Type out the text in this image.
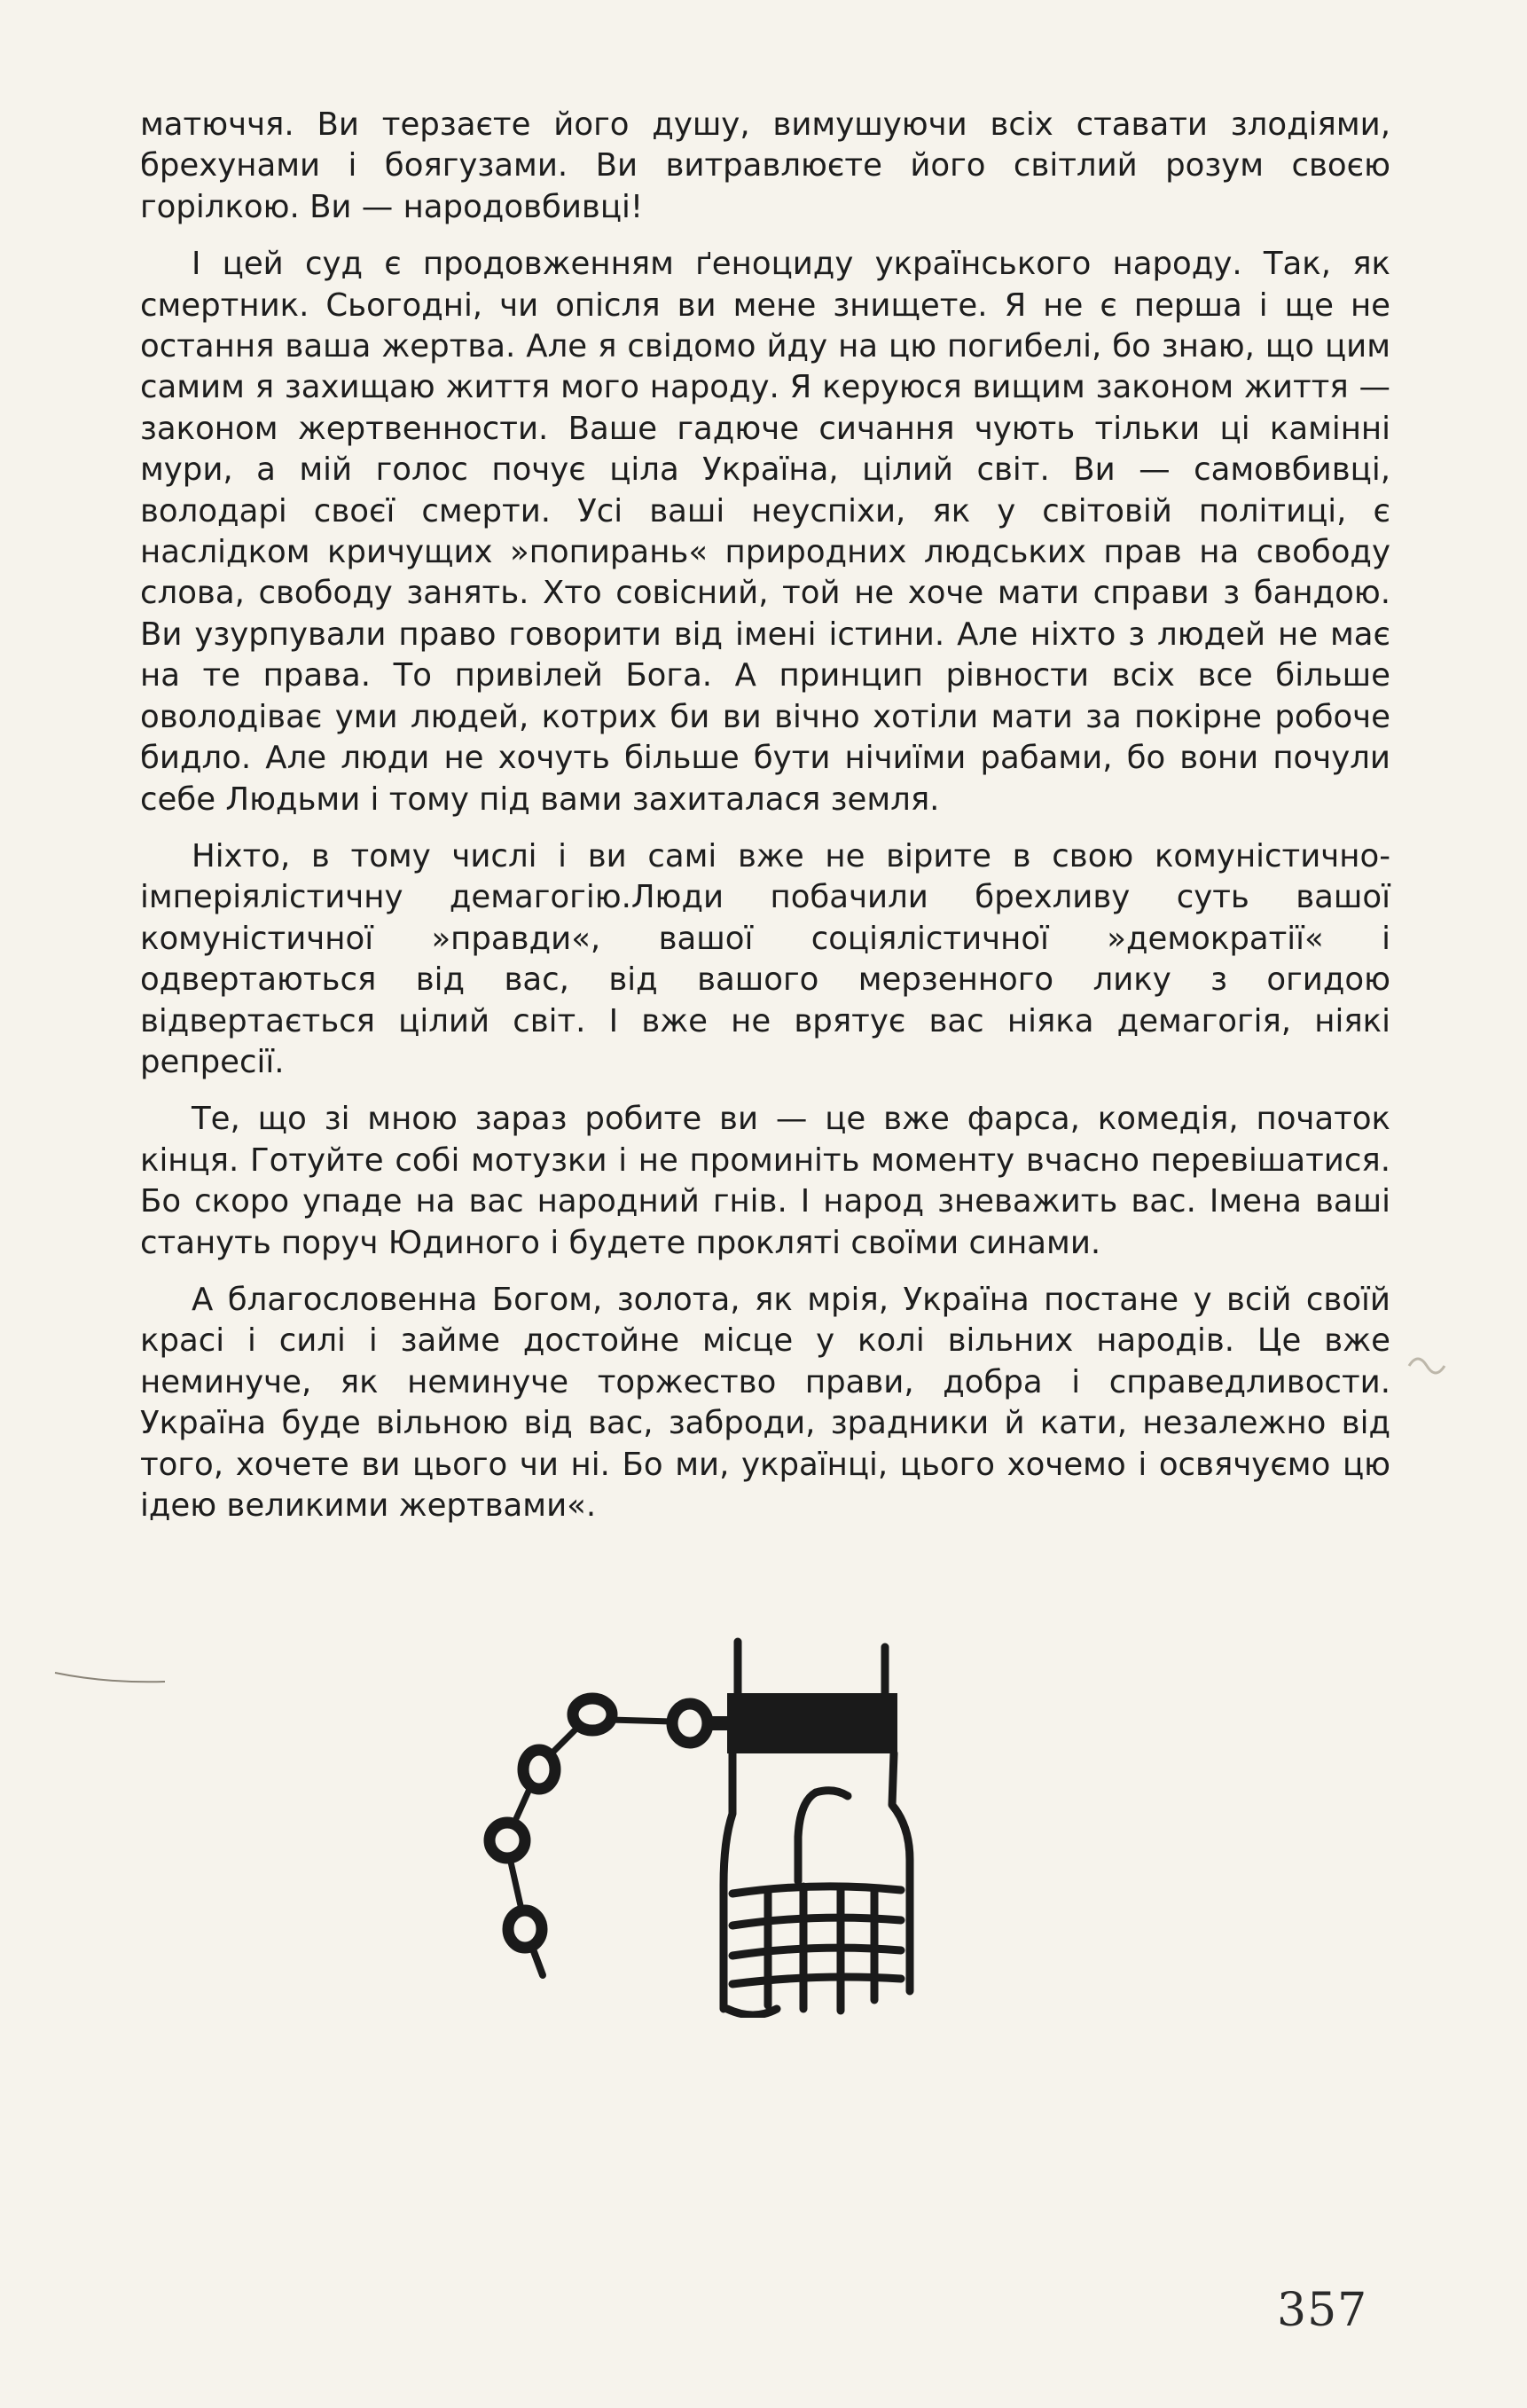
матюччя. Ви терзаєте його душу, вимушуючи всіх ставати злодіями, брехунами і боягузами. Ви витравлюєте його світлий розум своєю горілкою. Ви — народовбивці!

І цей суд є продовженням ґеноциду українського народу. Так, як смертник. Сьогодні, чи опісля ви мене знищете. Я не є перша і ще не остання ваша жертва. Але я свідомо йду на цю погибелі, бо знаю, що цим самим я захищаю життя мого народу. Я керуюся вищим законом життя — законом жертвенности. Ваше гадюче сичання чують тільки ці камінні мури, а мій голос почує ціла Україна, цілий світ. Ви — самовбивці, володарі своєї смерти. Усі ваші неуспіхи, як у світовій політиці, є наслідком кричущих »попирань« природних людських прав на свободу слова, свободу занять. Хто совісний, той не хоче мати справи з бандою. Ви узурпували право говорити від імені істини. Але ніхто з людей не має на те права. То привілей Бога. А принцип рівности всіх все більше оволодіває уми людей, котрих би ви вічно хотіли мати за покірне робоче бидло. Але люди не хочуть більше бути нічиїми рабами, бо вони почули себе Людьми і тому під вами захиталася земля.

Ніхто, в тому числі і ви самі вже не вірите в свою комуністично-імперіялістичну демагогію.Люди побачили брехливу суть вашої комуністичної »правди«, вашої соціялістичної »демократії« і одвертаються від вас, від вашого мерзенного лику з огидою відвертається цілий світ. І вже не врятує вас ніяка демагогія, ніякі репресії.

Те, що зі мною зараз робите ви — це вже фарса, комедія, початок кінця. Готуйте собі мотузки і не проминіть моменту вчасно перевішатися. Бо скоро упаде на вас народний гнів. І народ зневажить вас. Імена ваші стануть поруч Юдиного і будете прокляті своїми синами.

А благословенна Богом, золота, як мрія, Україна постане у всій своїй красі і силі і займе достойне місце у колі вільних народів. Це вже неминуче, як неминуче торжество прави, добра і справедливости. Україна буде вільною від вас, заброди, зрадники й кати, незалежно від того, хочете ви цього чи ні. Бо ми, українці, цього хочемо і освячуємо цю ідею великими жертвами«.

357
